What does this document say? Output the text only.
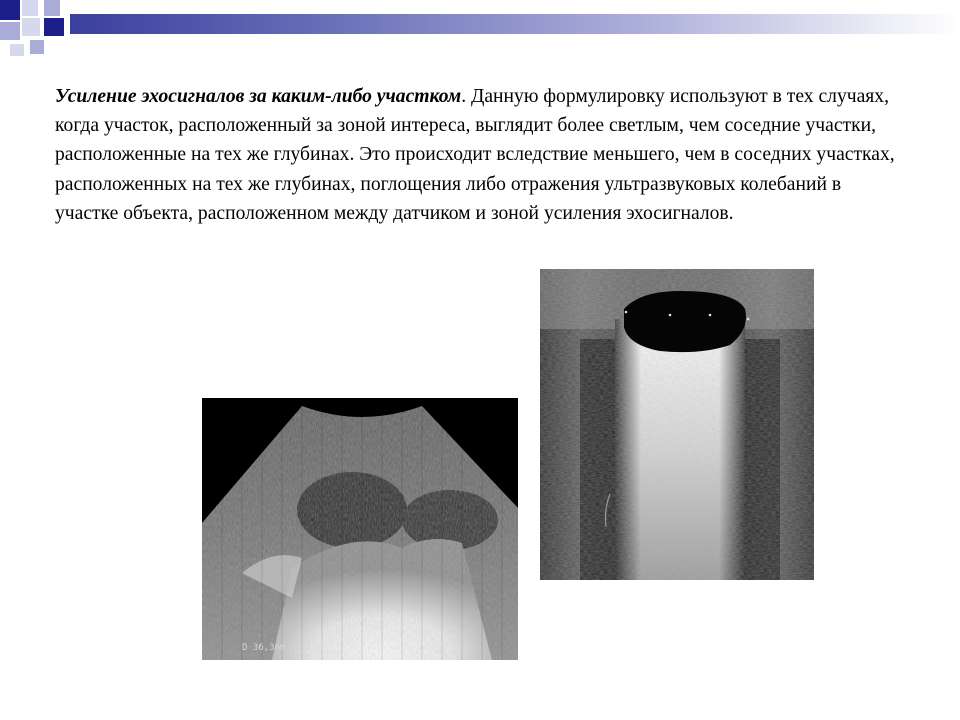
Усиление эхосигналов за каким-либо участком. Данную формулировку используют в тех случаях, когда участок, расположенный за зоной интереса, выглядит более светлым, чем соседние участки, расположенные на тех же глубинах. Это происходит вследствие меньшего, чем в соседних участках, расположенных на тех же глубинах, поглощения либо отражения ультразвуковых колебаний в участке объекта, расположенном между датчиком и зоной усиления эхосигналов.

D 36,3nm 33,1nd
